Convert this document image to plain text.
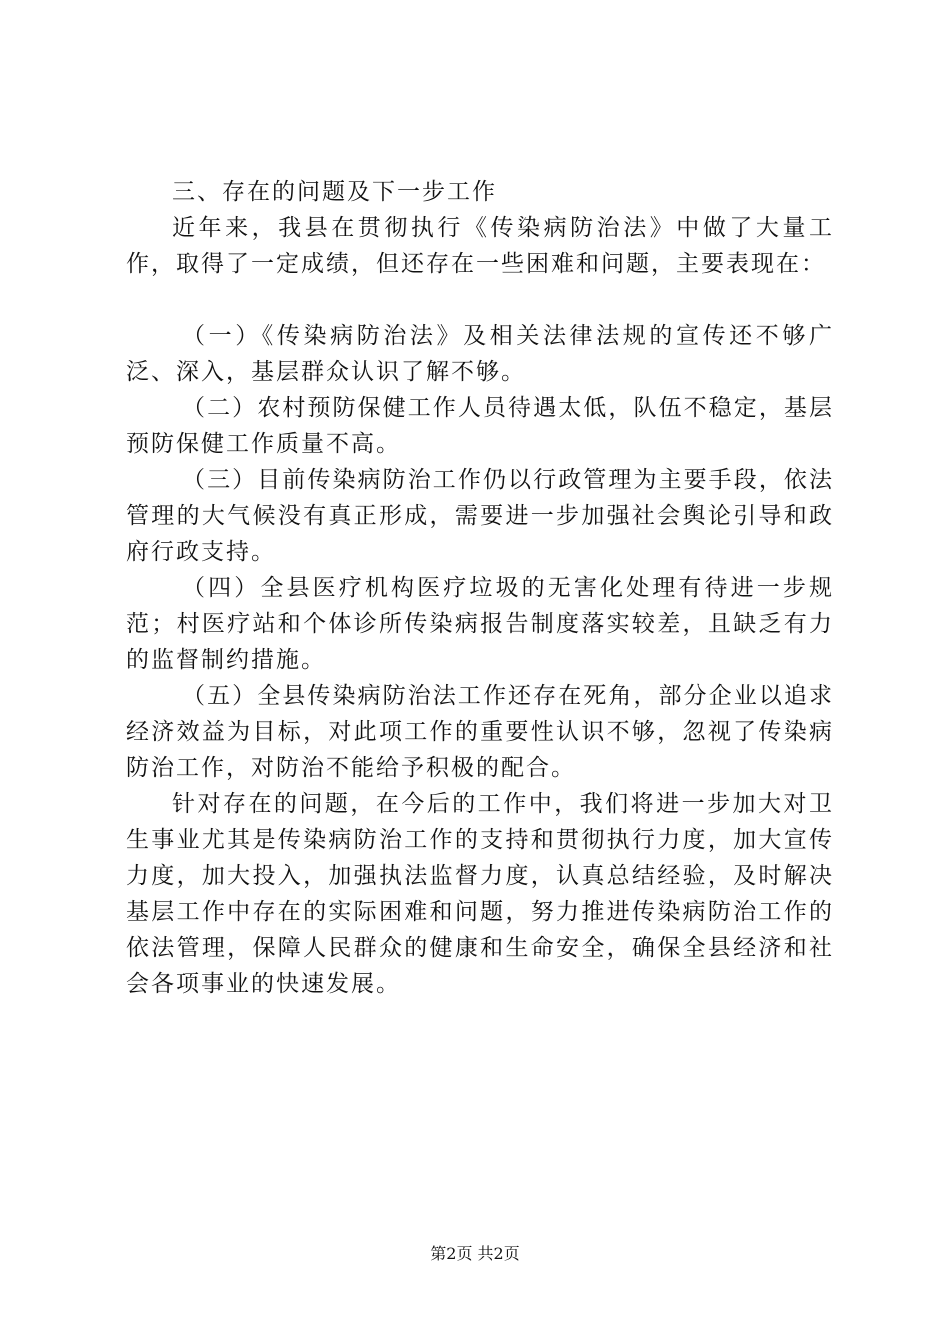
三、存在的问题及下一步工作

近年来，我县在贯彻执行《传染病防治法》中做了大量工作，取得了一定成绩，但还存在一些困难和问题，主要表现在：

（一）《传染病防治法》及相关法律法规的宣传还不够广泛、深入，基层群众认识了解不够。

（二）农村预防保健工作人员待遇太低，队伍不稳定，基层预防保健工作质量不高。

（三）目前传染病防治工作仍以行政管理为主要手段，依法管理的大气候没有真正形成，需要进一步加强社会舆论引导和政府行政支持。

（四）全县医疗机构医疗垃圾的无害化处理有待进一步规范；村医疗站和个体诊所传染病报告制度落实较差，且缺乏有力的监督制约措施。

（五）全县传染病防治法工作还存在死角，部分企业以追求经济效益为目标，对此项工作的重要性认识不够，忽视了传染病防治工作，对防治不能给予积极的配合。

针对存在的问题，在今后的工作中，我们将进一步加大对卫生事业尤其是传染病防治工作的支持和贯彻执行力度，加大宣传力度，加大投入，加强执法监督力度，认真总结经验，及时解决基层工作中存在的实际困难和问题，努力推进传染病防治工作的依法管理，保障人民群众的健康和生命安全，确保全县经济和社会各项事业的快速发展。

第2页 共2页
